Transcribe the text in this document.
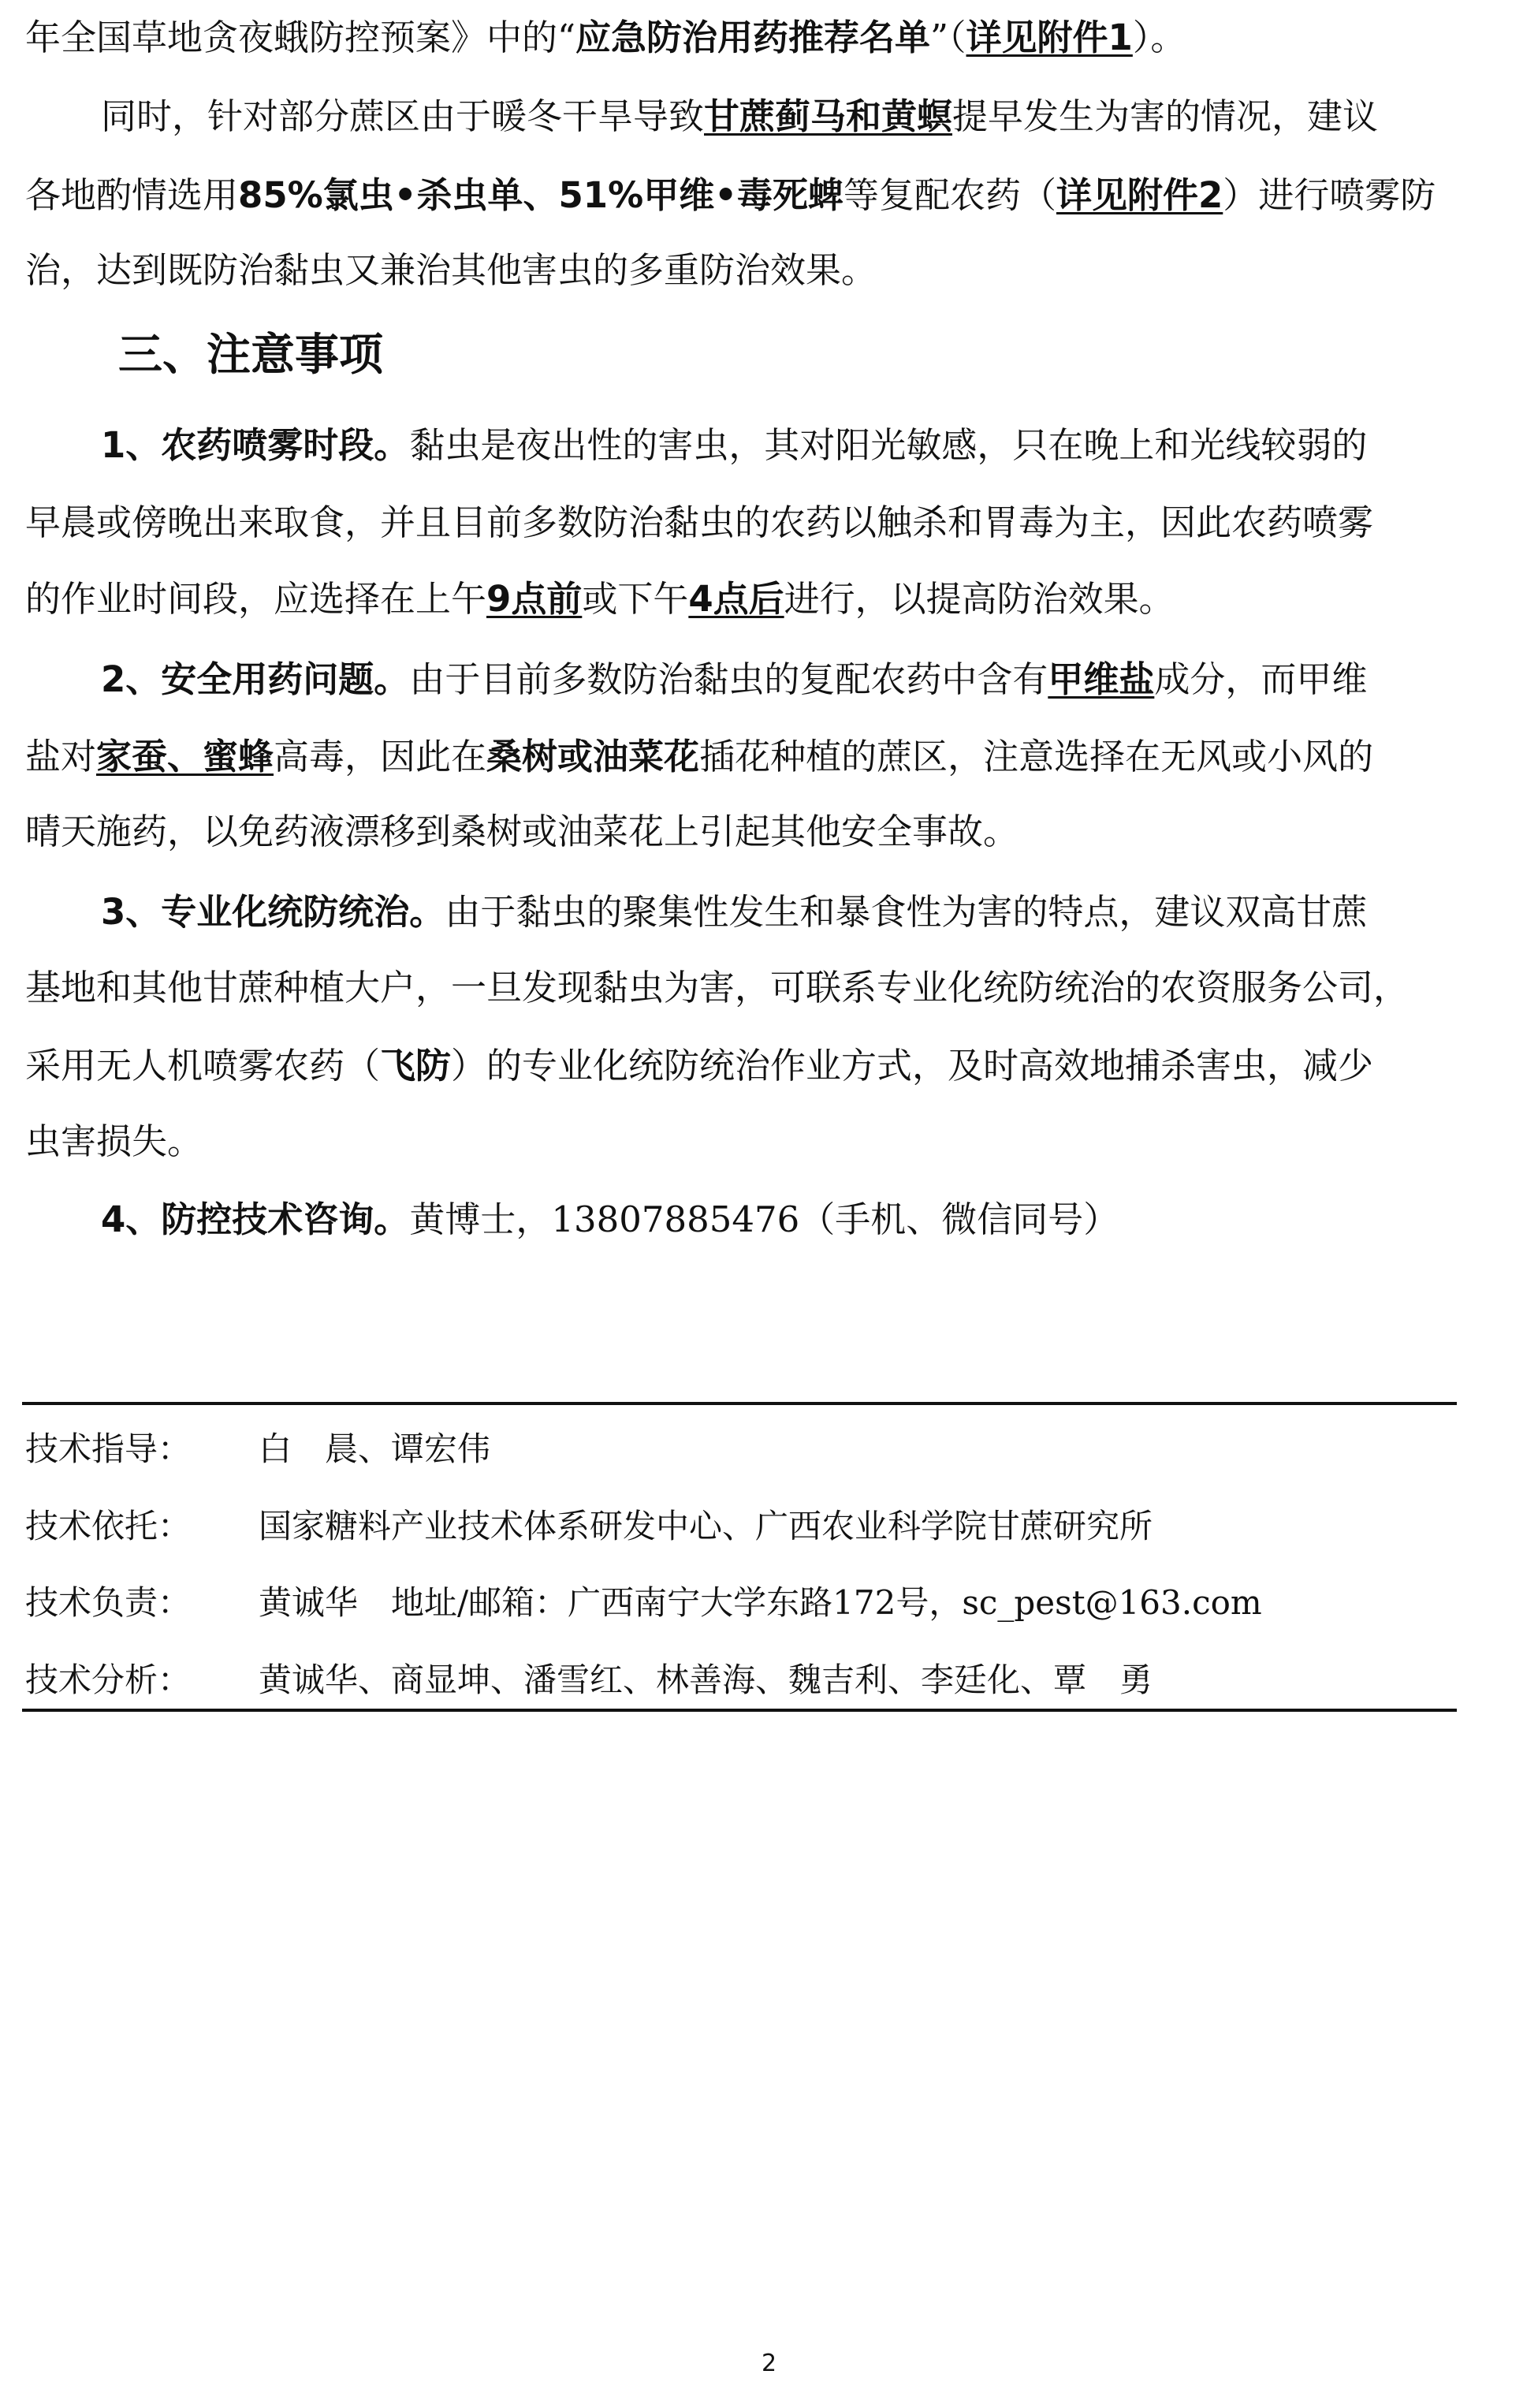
年全国草地贪夜蛾防控预案》中的“应急防治用药推荐名单”（详见附件1）。
同时，针对部分蔗区由于暖冬干旱导致甘蔗蓟马和黄螟提早发生为害的情况，建议
各地酌情选用85%氯虫•杀虫单、51%甲维•毒死蜱等复配农药（详见附件2）进行喷雾防
治，达到既防治黏虫又兼治其他害虫的多重防治效果。
三、注意事项
1、农药喷雾时段。黏虫是夜出性的害虫，其对阳光敏感，只在晚上和光线较弱的
早晨或傍晚出来取食，并且目前多数防治黏虫的农药以触杀和胃毒为主，因此农药喷雾
的作业时间段，应选择在上午9点前或下午4点后进行，以提高防治效果。
2、安全用药问题。由于目前多数防治黏虫的复配农药中含有甲维盐成分，而甲维
盐对家蚕、蜜蜂高毒，因此在桑树或油菜花插花种植的蔗区，注意选择在无风或小风的
晴天施药，以免药液漂移到桑树或油菜花上引起其他安全事故。
3、专业化统防统治。由于黏虫的聚集性发生和暴食性为害的特点，建议双高甘蔗
基地和其他甘蔗种植大户，一旦发现黏虫为害，可联系专业化统防统治的农资服务公司，
采用无人机喷雾农药（飞防）的专业化统防统治作业方式，及时高效地捕杀害虫，减少
虫害损失。
4、防控技术咨询。黄博士，13807885476（手机、微信同号）
技术指导： 白　晨、谭宏伟
技术依托： 国家糖料产业技术体系研发中心、广西农业科学院甘蔗研究所
技术负责： 黄诚华　地址/邮箱：广西南宁大学东路172号，sc_pest@163.com
技术分析： 黄诚华、商显坤、潘雪红、林善海、魏吉利、李廷化、覃　勇
2
